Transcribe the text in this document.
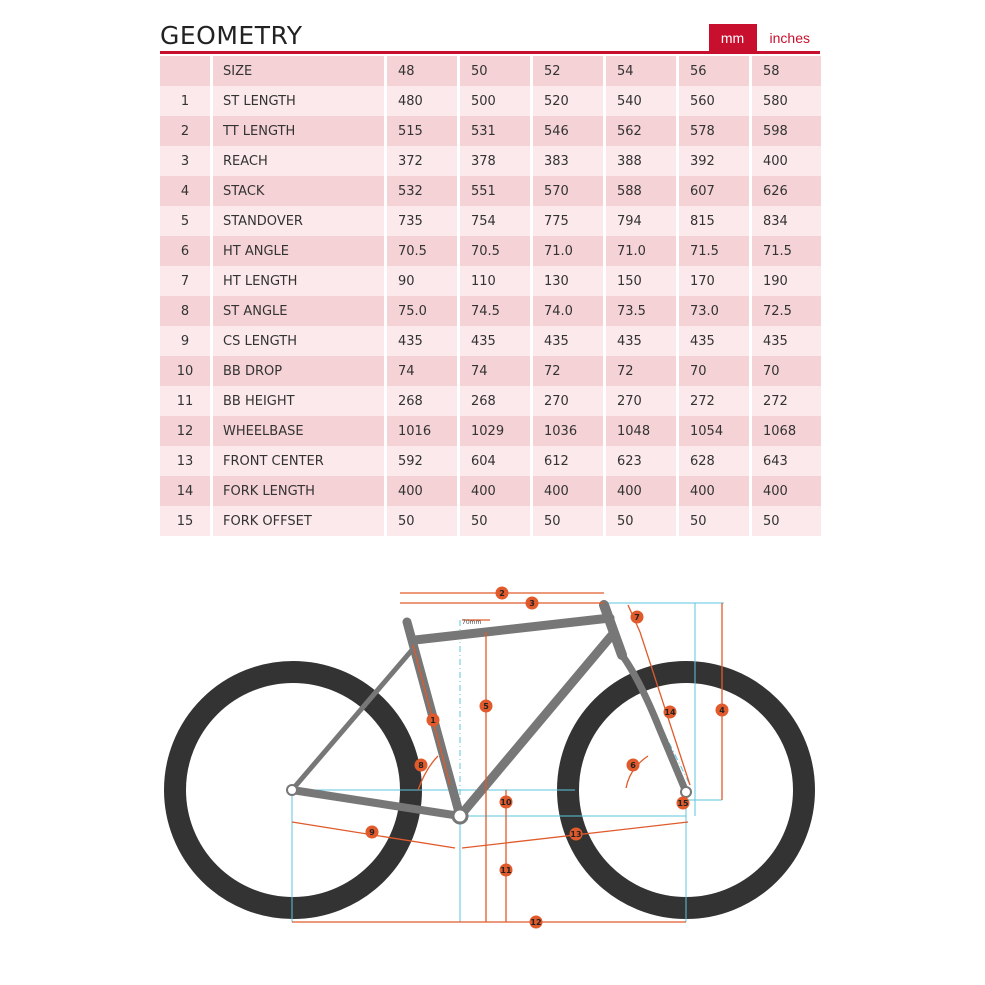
GEOMETRY	mm	inches
	SIZE	48	50	52	54	56	58
1	ST LENGTH	480	500	520	540	560	580
2	TT LENGTH	515	531	546	562	578	598
3	REACH	372	378	383	388	392	400
4	STACK	532	551	570	588	607	626
5	STANDOVER	735	754	775	794	815	834
6	HT ANGLE	70.5	70.5	71.0	71.0	71.5	71.5
7	HT LENGTH	90	110	130	150	170	190
8	ST ANGLE	75.0	74.5	74.0	73.5	73.0	72.5
9	CS LENGTH	435	435	435	435	435	435
10	BB DROP	74	74	72	72	70	70
11	BB HEIGHT	268	268	270	270	272	272
12	WHEELBASE	1016	1029	1036	1048	1054	1068
13	FRONT CENTER	592	604	612	623	628	643
14	FORK LENGTH	400	400	400	400	400	400
15	FORK OFFSET	50	50	50	50	50	50
70mm
1
2
3
4
5
6
7
8
9
10
11
12
13
14
15
